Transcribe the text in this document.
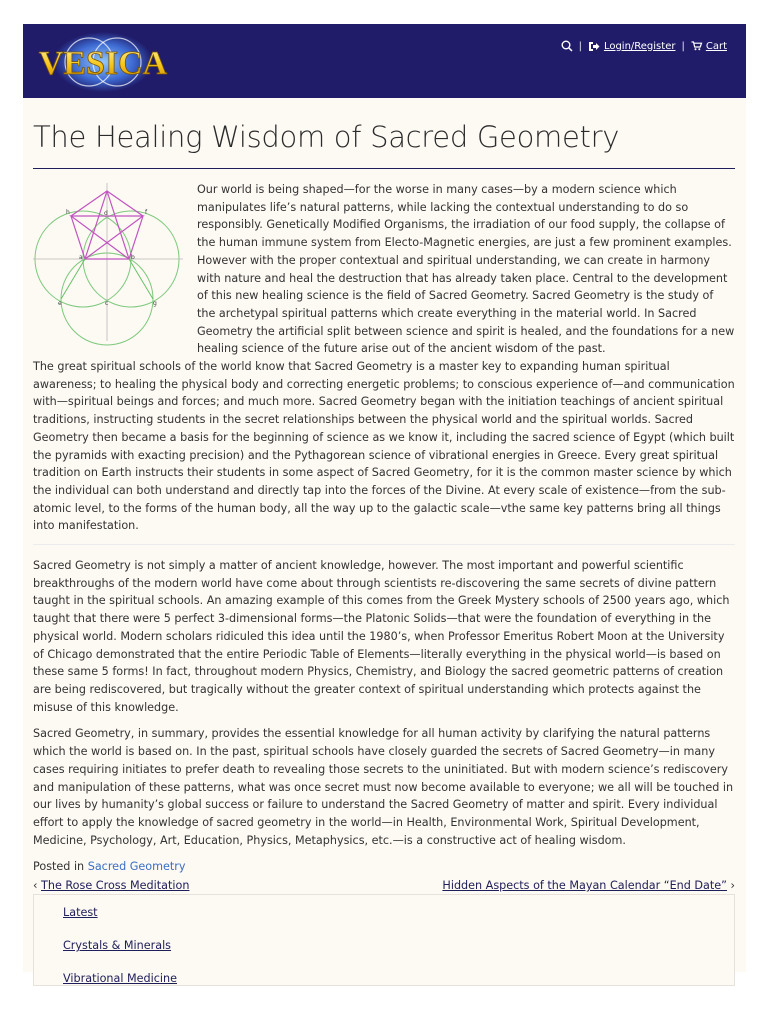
VESICA	| Login/Register | Cart
The Healing Wisdom of Sacred Geometry
h	d	f
a	b
e	c	g

Our world is being shaped—for the worse in many cases—by a modern science which manipulates life’s natural patterns, while lacking the contextual understanding to do so responsibly. Genetically Modified Organisms, the irradiation of our food supply, the collapse of the human immune system from Electo-Magnetic energies, are just a few prominent examples. However with the proper contextual and spiritual understanding, we can create in harmony with nature and heal the destruction that has already taken place. Central to the development of this new healing science is the field of Sacred Geometry. Sacred Geometry is the study of the archetypal spiritual patterns which create everything in the material world. In Sacred Geometry the artificial split between science and spirit is healed, and the foundations for a new healing science of the future arise out of the ancient wisdom of the past.

The great spiritual schools of the world know that Sacred Geometry is a master key to expanding human spiritual awareness; to healing the physical body and correcting energetic problems; to conscious experience of—and communication with—spiritual beings and forces; and much more. Sacred Geometry began with the initiation teachings of ancient spiritual traditions, instructing students in the secret relationships between the physical world and the spiritual worlds. Sacred Geometry then became a basis for the beginning of science as we know it, including the sacred science of Egypt (which built the pyramids with exacting precision) and the Pythagorean science of vibrational energies in Greece. Every great spiritual tradition on Earth instructs their students in some aspect of Sacred Geometry, for it is the common master science by which the individual can both understand and directly tap into the forces of the Divine. At every scale of existence—from the sub-atomic level, to the forms of the human body, all the way up to the galactic scale—vthe same key patterns bring all things into manifestation.

Sacred Geometry is not simply a matter of ancient knowledge, however. The most important and powerful scientific breakthroughs of the modern world have come about through scientists re-discovering the same secrets of divine pattern taught in the spiritual schools. An amazing example of this comes from the Greek Mystery schools of 2500 years ago, which taught that there were 5 perfect 3-dimensional forms—the Platonic Solids—that were the foundation of everything in the physical world. Modern scholars ridiculed this idea until the 1980’s, when Professor Emeritus Robert Moon at the University of Chicago demonstrated that the entire Periodic Table of Elements—literally everything in the physical world—is based on these same 5 forms! In fact, throughout modern Physics, Chemistry, and Biology the sacred geometric patterns of creation are being rediscovered, but tragically without the greater context of spiritual understanding which protects against the misuse of this knowledge.

Sacred Geometry, in summary, provides the essential knowledge for all human activity by clarifying the natural patterns which the world is based on. In the past, spiritual schools have closely guarded the secrets of Sacred Geometry—in many cases requiring initiates to prefer death to revealing those secrets to the uninitiated. But with modern science’s rediscovery and manipulation of these patterns, what was once secret must now become available to everyone; we all will be touched in our lives by humanity’s global success or failure to understand the Sacred Geometry of matter and spirit. Every individual effort to apply the knowledge of sacred geometry in the world—in Health, Environmental Work, Spiritual Development, Medicine, Psychology, Art, Education, Physics, Metaphysics, etc.—is a constructive act of healing wisdom.

Posted in Sacred Geometry

‹ The Rose Cross Meditation	Hidden Aspects of the Mayan Calendar “End Date” ›
Latest
Crystals & Minerals
Vibrational Medicine
